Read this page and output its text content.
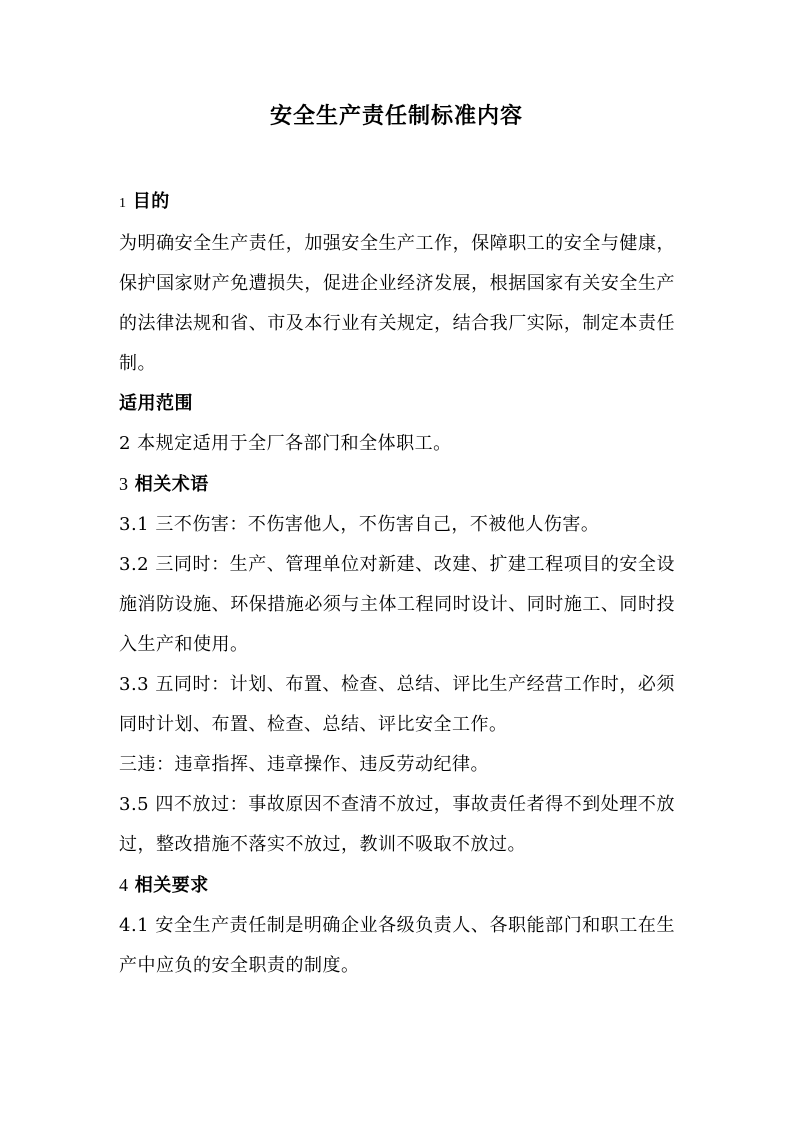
安全生产责任制标准内容

1 目的

为明确安全生产责任，加强安全生产工作，保障职工的安全与健康，保护国家财产免遭损失，促进企业经济发展，根据国家有关安全生产的法律法规和省、市及本行业有关规定，结合我厂实际，制定本责任制。

适用范围

2 本规定适用于全厂各部门和全体职工。

3 相关术语

3.1 三不伤害：不伤害他人，不伤害自己，不被他人伤害。

3.2 三同时：生产、管理单位对新建、改建、扩建工程项目的安全设施消防设施、环保措施必须与主体工程同时设计、同时施工、同时投入生产和使用。

3.3 五同时：计划、布置、检查、总结、评比生产经营工作时，必须同时计划、布置、检查、总结、评比安全工作。

三违：违章指挥、违章操作、违反劳动纪律。

3.5 四不放过：事故原因不查清不放过，事故责任者得不到处理不放过，整改措施不落实不放过，教训不吸取不放过。

4 相关要求

4.1 安全生产责任制是明确企业各级负责人、各职能部门和职工在生产中应负的安全职责的制度。
